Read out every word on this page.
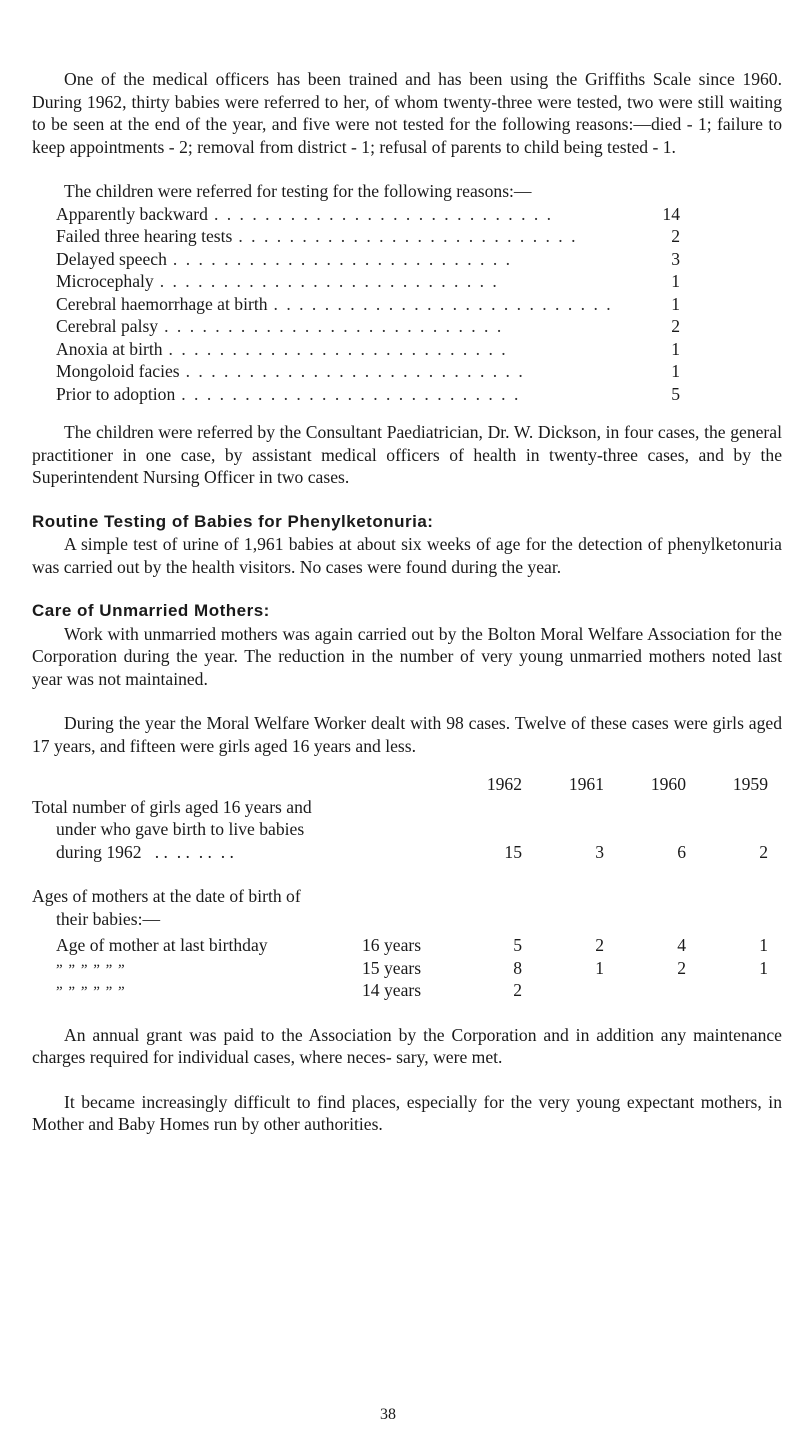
One of the medical officers has been trained and has been using the Griffiths Scale since 1960. During 1962, thirty babies were referred to her, of whom twenty-three were tested, two were still waiting to be seen at the end of the year, and five were not tested for the following reasons:—died - 1; failure to keep appointments - 2; removal from district - 1; refusal of parents to child being tested - 1.

The children were referred for testing for the following reasons:—

Apparently backward . . . . . . . . . . . . . . . . . . . . . . . . . . .	14
Failed three hearing tests . . . . . . . . . . . . . . . . . . . . . . . . . . .	2
Delayed speech . . . . . . . . . . . . . . . . . . . . . . . . . . .	3
Microcephaly . . . . . . . . . . . . . . . . . . . . . . . . . . .	1
Cerebral haemorrhage at birth . . . . . . . . . . . . . . . . . . . . . . . . . . .	1
Cerebral palsy . . . . . . . . . . . . . . . . . . . . . . . . . . .	2
Anoxia at birth . . . . . . . . . . . . . . . . . . . . . . . . . . .	1
Mongoloid facies . . . . . . . . . . . . . . . . . . . . . . . . . . .	1
Prior to adoption . . . . . . . . . . . . . . . . . . . . . . . . . . .	5

The children were referred by the Consultant Paediatrician, Dr. W. Dickson, in four cases, the general practitioner in one case, by assistant medical officers of health in twenty-three cases, and by the Superintendent Nursing Officer in two cases.

Routine Testing of Babies for Phenylketonuria:

A simple test of urine of 1,961 babies at about six weeks of age for the detection of phenylketonuria was carried out by the health visitors. No cases were found during the year.

Care of Unmarried Mothers:

Work with unmarried mothers was again carried out by the Bolton Moral Welfare Association for the Corporation during the year. The reduction in the number of very young unmarried mothers noted last year was not maintained.

During the year the Moral Welfare Worker dealt with 98 cases. Twelve of these cases were girls aged 17 years, and fifteen were girls aged 16 years and less.

1962	1961	1960	1959
Total number of girls aged 16 years and
under who gave birth to live babies
during 1962   . .  . .  . .  . .	15	3	6	2
Ages of mothers at the date of birth of
their babies:—
Age of mother at last birthday	16 years	5	2	4	1
” ” ” ” ” ”	15 years	8	1	2	1
” ” ” ” ” ”	14 years	2

An annual grant was paid to the Association by the Corporation and in addition any maintenance charges required for individual cases, where neces- sary, were met.

It became increasingly difficult to find places, especially for the very young expectant mothers, in Mother and Baby Homes run by other authorities.

38
